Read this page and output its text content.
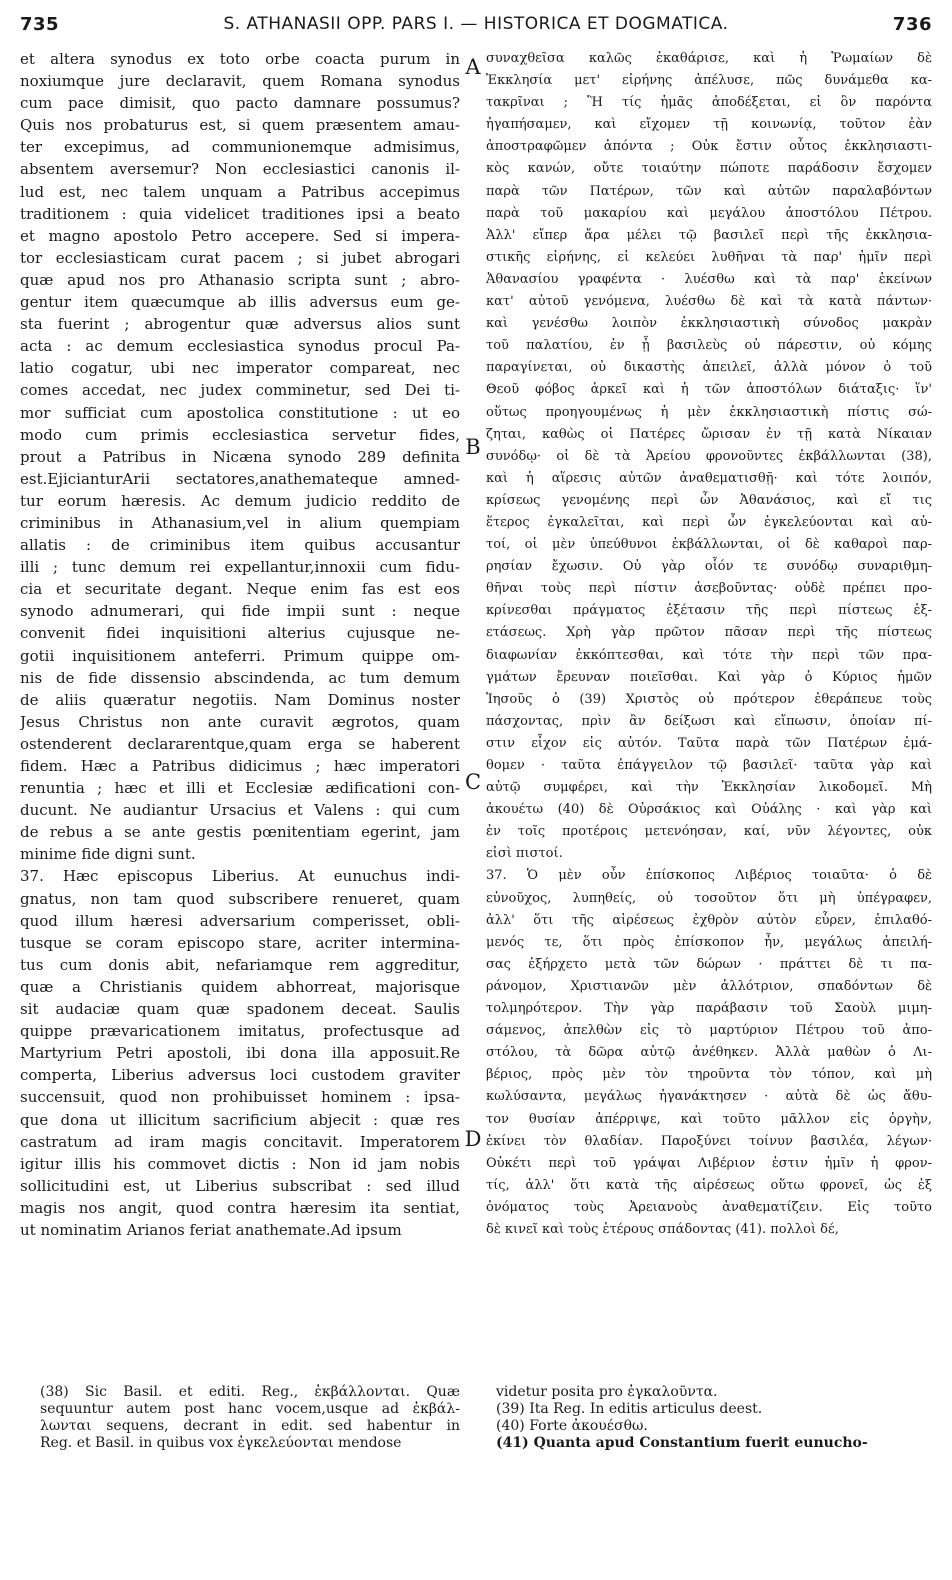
735	S. ATHANASII OPP. PARS I. — HISTORICA ET DOGMATICA.	736
et altera synodus ex toto orbe coacta purum in
noxiumque jure declaravit, quem Romana synodus
cum pace dimisit, quo pacto damnare possumus?
Quis nos probaturus est, si quem præsentem amau-
ter excepimus, ad communionemque admisimus,
absentem aversemur? Non ecclesiastici canonis il-
lud est, nec talem unquam a Patribus accepimus
traditionem : quia videlicet traditiones ipsi a beato
et magno apostolo Petro accepere. Sed si impera-
tor ecclesiasticam curat pacem ; si jubet abrogari
quæ apud nos pro Athanasio scripta sunt ; abro-
gentur item quæcumque ab illis adversus eum ge-
sta fuerint ; abrogentur quæ adversus alios sunt
acta : ac demum ecclesiastica synodus procul Pa-
latio cogatur, ubi nec imperator compareat, nec
comes accedat, nec judex comminetur, sed Dei ti-
mor sufficiat cum apostolica constitutione : ut eo
modo cum primis ecclesiastica servetur fides,
prout a Patribus in Nicæna synodo 289 definita
est.EjicianturArii sectatores,anathemateque amned-
tur eorum hæresis. Ac demum judicio reddito de
criminibus in Athanasium,vel in alium quempiam
allatis : de criminibus item quibus accusantur
illi ; tunc demum rei expellantur,innoxii cum fidu-
cia et securitate degant. Neque enim fas est eos
synodo adnumerari, qui fide impii sunt : neque
convenit fidei inquisitioni alterius cujusque ne-
gotii inquisitionem anteferri. Primum quippe om-
nis de fide dissensio abscindenda, ac tum demum
de aliis quæratur negotiis. Nam Dominus noster
Jesus Christus non ante curavit ægrotos, quam
ostenderent declararentque,quam erga se haberent
fidem. Hæc a Patribus didicimus ; hæc imperatori
renuntia ; hæc et illi et Ecclesiæ ædificationi con-
ducunt. Ne audiantur Ursacius et Valens : qui cum
de rebus a se ante gestis pœnitentiam egerint, jam
minime fide digni sunt.
37. Hæc episcopus Liberius. At eunuchus indi-
gnatus, non tam quod subscribere renueret, quam
quod illum hæresi adversarium comperisset, obli-
tusque se coram episcopo stare, acriter intermina-
tus cum donis abit, nefariamque rem aggreditur,
quæ a Christianis quidem abhorreat, majorisque
sit audaciæ quam quæ spadonem deceat. Saulis
quippe prævaricationem imitatus, profectusque ad
Martyrium Petri apostoli, ibi dona illa apposuit.Re
comperta, Liberius adversus loci custodem graviter
succensuit, quod non prohibuisset hominem : ipsa-
que dona ut illicitum sacrificium abjecit : quæ res
castratum ad iram magis concitavit. Imperatorem
igitur illis his commovet dictis : Non id jam nobis
sollicitudini est, ut Liberius subscribat : sed illud
magis nos angit, quod contra hæresim ita sentiat,
ut nominatim Arianos feriat anathemate.Ad ipsum
συναχθεῖσα καλῶς ἐκαθάρισε, καὶ ἡ Ῥωμαίων δὲ
Ἐκκλησία μετ' εἰρήνης ἀπέλυσε, πῶς δυνάμεθα κα-
τακρῖναι ; Ἢ τίς ἡμᾶς ἀποδέξεται, εἰ ὃν παρόντα
ἠγαπήσαμεν, καὶ εἴχομεν τῇ κοινωνίᾳ, τοῦτον ἐὰν
ἀποστραφῶμεν ἀπόντα ; Οὐκ ἔστιν οὗτος ἐκκλησιαστι-
κὸς κανών, οὔτε τοιαύτην πώποτε παράδοσιν ἔσχομεν
παρὰ τῶν Πατέρων, τῶν καὶ αὐτῶν παραλαβόντων
παρὰ τοῦ μακαρίου καὶ μεγάλου ἀποστόλου Πέτρου.
Ἀλλ' εἴπερ ἄρα μέλει τῷ βασιλεῖ περὶ τῆς ἐκκλησια-
στικῆς εἰρήνης, εἰ κελεύει λυθῆναι τὰ παρ' ἡμῖν περὶ
Ἀθανασίου γραφέντα · λυέσθω καὶ τὰ παρ' ἐκείνων
κατ' αὐτοῦ γενόμενα, λυέσθω δὲ καὶ τὰ κατὰ πάντων·
καὶ γενέσθω λοιπὸν ἐκκλησιαστικὴ σύνοδος μακρὰν
τοῦ παλατίου, ἐν ᾗ βασιλεὺς οὐ πάρεστιν, οὐ κόμης
παραγίνεται, οὐ δικαστὴς ἀπειλεῖ, ἀλλὰ μόνον ὁ τοῦ
Θεοῦ φόβος ἀρκεῖ καὶ ἡ τῶν ἀποστόλων διάταξις· ἵν'
οὕτως προηγουμένως ἡ μὲν ἐκκλησιαστικὴ πίστις σώ-
ζηται, καθὼς οἱ Πατέρες ὥρισαν ἐν τῇ κατὰ Νίκαιαν
συνόδῳ· οἱ δὲ τὰ Ἀρείου φρονοῦντες ἐκβάλλωνται (38),
καὶ ἡ αἵρεσις αὐτῶν ἀναθεματισθῇ· καὶ τότε λοιπόν,
κρίσεως γενομένης περὶ ὧν Ἀθανάσιος, καὶ εἴ τις
ἕτερος ἐγκαλεῖται, καὶ περὶ ὧν ἐγκελεύονται καὶ αὐ-
τοί, οἱ μὲν ὑπεύθυνοι ἐκβάλλωνται, οἱ δὲ καθαροὶ παρ-
ρησίαν ἔχωσιν. Οὐ γὰρ οἷόν τε συνόδῳ συναριθμη-
θῆναι τοὺς περὶ πίστιν ἀσεβοῦντας· οὐδὲ πρέπει προ-
κρίνεσθαι πράγματος ἐξέτασιν τῆς περὶ πίστεως ἐξ-
ετάσεως. Χρὴ γὰρ πρῶτον πᾶσαν περὶ τῆς πίστεως
διαφωνίαν ἐκκόπτεσθαι, καὶ τότε τὴν περὶ τῶν πρα-
γμάτων ἔρευναν ποιεῖσθαι. Καὶ γὰρ ὁ Κύριος ἡμῶν
Ἰησοῦς ὁ (39) Χριστὸς οὐ πρότερον ἐθεράπευε τοὺς
πάσχοντας, πρὶν ἂν δείξωσι καὶ εἴπωσιν, ὁποίαν πί-
στιν εἶχον εἰς αὐτόν. Ταῦτα παρὰ τῶν Πατέρων ἐμά-
θομεν · ταῦτα ἐπάγγειλον τῷ βασιλεῖ· ταῦτα γὰρ καὶ
αὐτῷ συμφέρει, καὶ τὴν Ἐκκλησίαν λικοδομεῖ. Μὴ
ἀκουέτω (40) δὲ Οὐρσάκιος καὶ Οὐάλης · καὶ γὰρ καὶ
ἐν τοῖς προτέροις μετενόησαν, καί, νῦν λέγοντες, οὐκ
εἰσὶ πιστοί.
37. Ὁ μὲν οὖν ἐπίσκοπος Λιβέριος τοιαῦτα· ὁ δὲ
εὐνοῦχος, λυπηθείς, οὐ τοσοῦτον ὅτι μὴ ὑπέγραφεν,
ἀλλ' ὅτι τῆς αἱρέσεως ἐχθρὸν αὐτὸν εὗρεν, ἐπιλαθό-
μενός τε, ὅτι πρὸς ἐπίσκοπον ἦν, μεγάλως ἀπειλή-
σας ἐξήρχετο μετὰ τῶν δώρων · πράττει δὲ τι πα-
ράνομον, Χριστιανῶν μὲν ἀλλότριον, σπαδόντων δὲ
τολμηρότερον. Τὴν γὰρ παράβασιν τοῦ Σαοὺλ μιμη-
σάμενος, ἀπελθὼν εἰς τὸ μαρτύριον Πέτρου τοῦ ἀπο-
στόλου, τὰ δῶρα αὐτῷ ἀνέθηκεν. Ἀλλὰ μαθὼν ὁ Λι-
βέριος, πρὸς μὲν τὸν τηροῦντα τὸν τόπον, καὶ μὴ
κωλύσαντα, μεγάλως ἠγανάκτησεν · αὐτὰ δὲ ὡς ἄθυ-
τον θυσίαν ἀπέρριψε, καὶ τοῦτο μᾶλλον εἰς ὀργὴν,
ἐκίνει τὸν θλαδίαν. Παροξύνει τοίνυν βασιλέα, λέγων·
Οὐκέτι περὶ τοῦ γράψαι Λιβέριον ἐστιν ἡμῖν ἡ φρον-
τίς, ἀλλ' ὅτι κατὰ τῆς αἱρέσεως οὕτω φρονεῖ, ὡς ἐξ
ὀνόματος τοὺς Ἀρειανοὺς ἀναθεματίζειν. Εἰς τοῦτο
δὲ κινεῖ καὶ τοὺς ἑτέρους σπάδοντας (41). πολλοὶ δέ,
A
B
C
D
(38) Sic Basil. et editi. Reg., ἐκβάλλονται. Quæ
sequuntur autem post hanc vocem,usque ad ἐκβάλ-
λωνται sequens, decrant in edit. sed habentur in
Reg. et Basil. in quibus vox ἐγκελεύονται mendose
videtur posita pro ἐγκαλοῦντα.
(39) Ita Reg. In editis articulus deest.
(40) Forte ἀκουέσθω.
(41) Quanta apud Constantium fuerit eunucho-
